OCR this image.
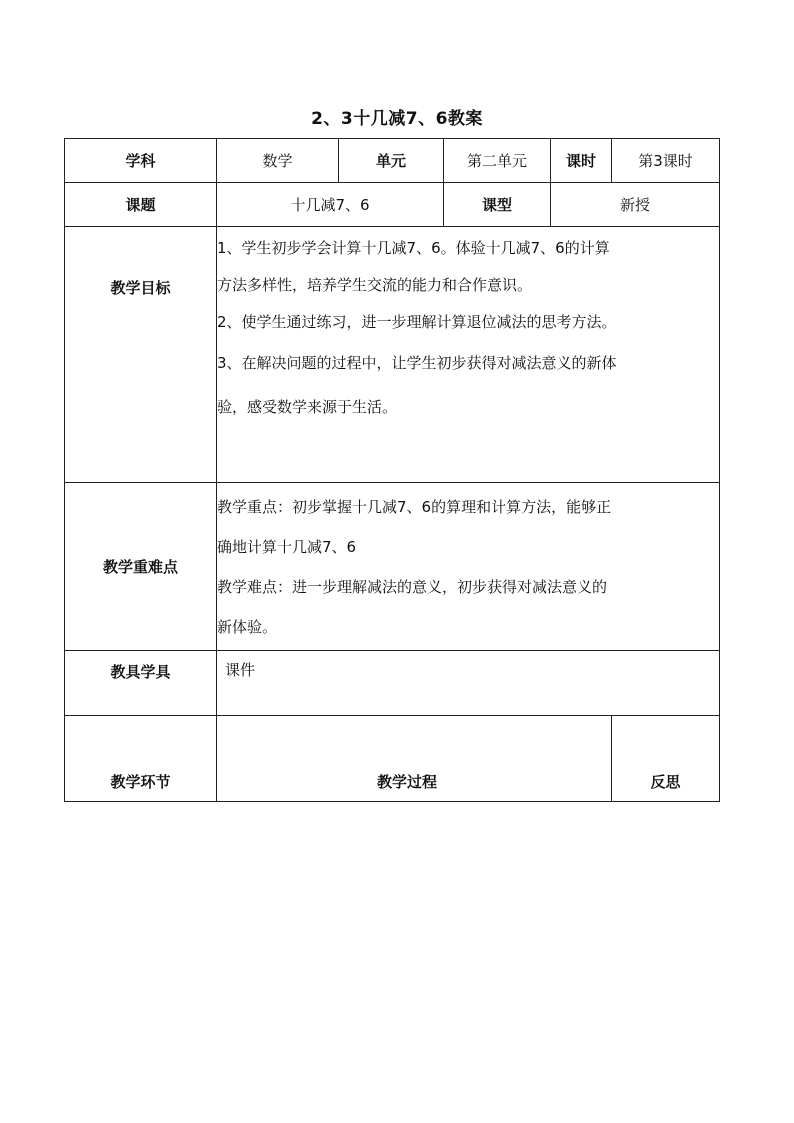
2、3十几减7、6教案
学科	数学	单元	第二单元	课时	第3课时
课题	十几减7、6		课型	新授	
教学目标	1、学生初步学会计算十几减7、6。体验十几减7、6的计算

方法多样性，培养学生交流的能力和合作意识。

2、使学生通过练习，进一步理解计算退位减法的思考方法。

3、在解决问题的过程中，让学生初步获得对减法意义的新体

验，感受数学来源于生活。				

教学重难点	教学重点：初步掌握十几减7、6的算理和计算方法，能够正

确地计算十几减7、6

教学难点：进一步理解减法的意义，初步获得对减法意义的

新体验。				

教具学具	课件				
教学环节	教学过程				反思
